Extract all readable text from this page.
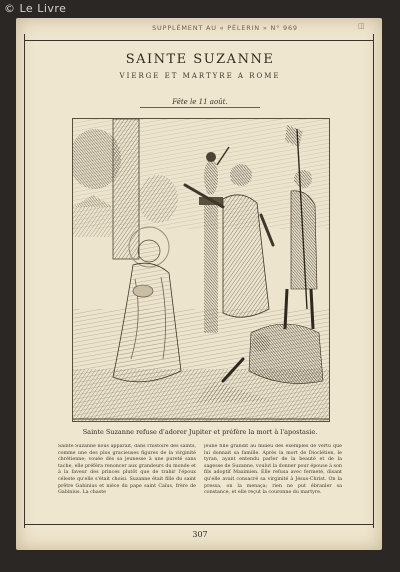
© Le Livre
SUPPLÉMENT AU « PÈLERIN » N° 969	◫
SAINTE SUZANNE
VIERGE ET MARTYRE A ROME
Fête le 11 août.
Sainte Suzanne refuse d'adorer Jupiter et préfère la mort à l'apostasie.
Sainte Suzanne nous apparaît, dans l'histoire des saints, comme une des plus gracieuses figures de la virginité chrétienne; vouée dès sa jeunesse à une pureté sans tache, elle préféra renoncer aux grandeurs du monde et à la faveur des princes plutôt que de trahir l'époux céleste qu'elle s'était choisi. Suzanne était fille du saint prêtre Gabinius et nièce du pape saint Caïus, frère de Gabinius. La chaste
jeune fille grandit au milieu des exemples de vertu que lui donnait sa famille. Après la mort de Dioclétien, le tyran, ayant entendu parler de la beauté et de la sagesse de Suzanne, voulut la donner pour épouse à son fils adoptif Maximien. Elle refusa avec fermeté, disant qu'elle avait consacré sa virginité à Jésus-Christ. On la pressa, on la menaça; rien ne put ébranler sa constance, et elle reçut la couronne du martyre.
307
